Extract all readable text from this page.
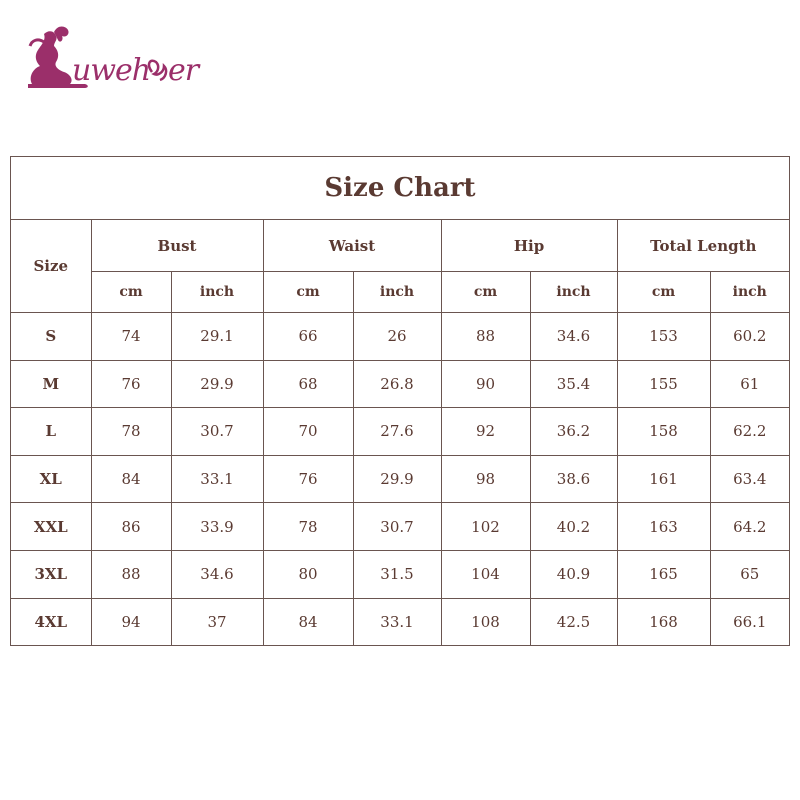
uweh er
Size Chart
Size	Bust		Waist		Hip		Total Length	
	cm	inch	cm	inch	cm	inch	cm	inch
S	74	29.1	66	26	88	34.6	153	60.2
M	76	29.9	68	26.8	90	35.4	155	61
L	78	30.7	70	27.6	92	36.2	158	62.2
XL	84	33.1	76	29.9	98	38.6	161	63.4
XXL	86	33.9	78	30.7	102	40.2	163	64.2
3XL	88	34.6	80	31.5	104	40.9	165	65
4XL	94	37	84	33.1	108	42.5	168	66.1
